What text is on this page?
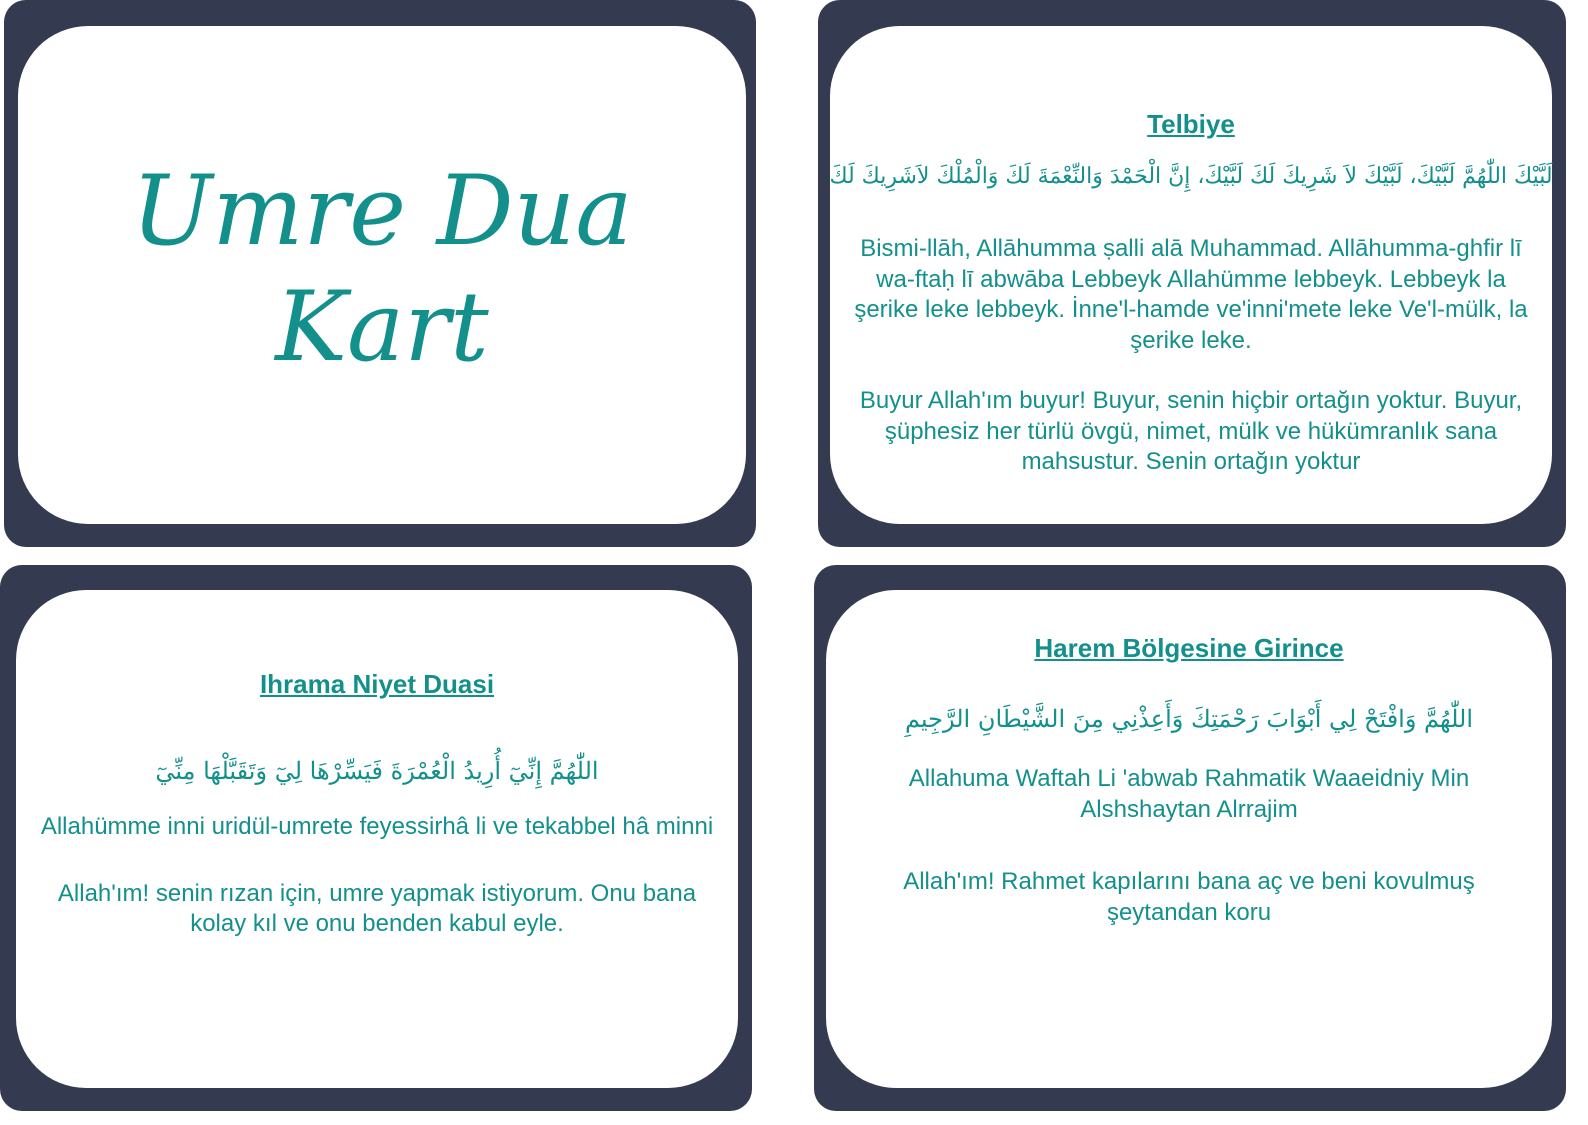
Umre Dua Kart
Telbiye
لَبَّيْكَ اللّٰهُمَّ لَبَّيْكَ، لَبَّيْكَ لاَ شَرِيكَ لَكَ لَبَّيْكَ، إِنَّ الْحَمْدَ وَالنِّعْمَةَ لَكَ وَالْمُلْكَ لاَشَرِيكَ لَكَ
Bismi-llāh, Allāhumma ṣalli alā Muhammad. Allāhumma-ghfir lī wa-ftaḥ lī abwāba Lebbeyk Allahümme lebbeyk. Lebbeyk la şerike leke lebbeyk. İnne'l-hamde ve'inni'mete leke Ve'l-mülk, la şerike leke.
Buyur Allah'ım buyur! Buyur, senin hiçbir ortağın yoktur. Buyur, şüphesiz her türlü övgü, nimet, mülk ve hükümranlık sana mahsustur. Senin ortağın yoktur
Ihrama Niyet Duasi
اللّٰهُمَّ إِنِّيٓ أُرِيدُ الْعُمْرَةَ فَيَسِّرْهَا لِيٓ وَتَقَبَّلْهَا مِنِّيٓ
Allahümme inni uridül-umrete feyessirhâ li ve tekabbel hâ minni
Allah'ım! senin rızan için, umre yapmak istiyorum. Onu bana kolay kıl ve onu benden kabul eyle.
Harem Bölgesine Girince
اللّٰهُمَّ وَافْتَحْ لِي أَبْوَابَ رَحْمَتِكَ وَأَعِذْنِي مِنَ الشَّيْطَانِ الرَّجِيمِ
Allahuma Waftah Li 'abwab Rahmatik Waaeidniy Min Alshshaytan Alrrajim
Allah'ım! Rahmet kapılarını bana aç ve beni kovulmuş şeytandan koru
